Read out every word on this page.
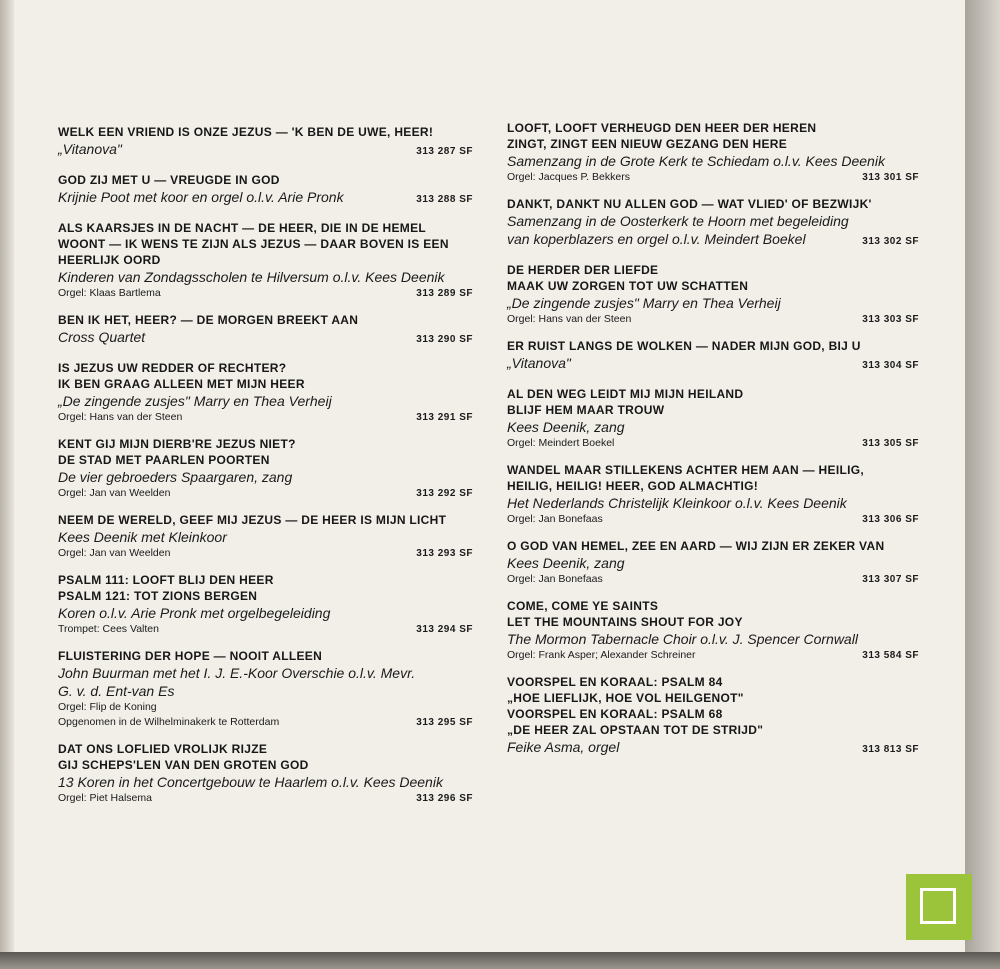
WELK EEN VRIEND IS ONZE JEZUS — 'K BEN DE UWE, HEER!
„Vitanova"	313 287 SF
GOD ZIJ MET U — VREUGDE IN GOD
Krijnie Poot met koor en orgel o.l.v. Arie Pronk	313 288 SF
ALS KAARSJES IN DE NACHT — DE HEER, DIE IN DE HEMEL
WOONT — IK WENS TE ZIJN ALS JEZUS — DAAR BOVEN IS EEN
HEERLIJK OORD
Kinderen van Zondagsscholen te Hilversum o.l.v. Kees Deenik
Orgel: Klaas Bartlema	313 289 SF
BEN IK HET, HEER? — DE MORGEN BREEKT AAN
Cross Quartet	313 290 SF
IS JEZUS UW REDDER OF RECHTER?
IK BEN GRAAG ALLEEN MET MIJN HEER
„De zingende zusjes" Marry en Thea Verheij
Orgel: Hans van der Steen	313 291 SF
KENT GIJ MIJN DIERB'RE JEZUS NIET?
DE STAD MET PAARLEN POORTEN
De vier gebroeders Spaargaren, zang
Orgel: Jan van Weelden	313 292 SF
NEEM DE WERELD, GEEF MIJ JEZUS — DE HEER IS MIJN LICHT
Kees Deenik met Kleinkoor
Orgel: Jan van Weelden	313 293 SF
PSALM 111: LOOFT BLIJ DEN HEER
PSALM 121: TOT ZIONS BERGEN
Koren o.l.v. Arie Pronk met orgelbegeleiding
Trompet: Cees Valten	313 294 SF
FLUISTERING DER HOPE — NOOIT ALLEEN
John Buurman met het I. J. E.-Koor Overschie o.l.v. Mevr.
G. v. d. Ent-van Es
Orgel: Flip de Koning
Opgenomen in de Wilhelminakerk te Rotterdam	313 295 SF
DAT ONS LOFLIED VROLIJK RIJZE
GIJ SCHEPS'LEN VAN DEN GROTEN GOD
13 Koren in het Concertgebouw te Haarlem o.l.v. Kees Deenik
Orgel: Piet Halsema	313 296 SF
LOOFT, LOOFT VERHEUGD DEN HEER DER HEREN
ZINGT, ZINGT EEN NIEUW GEZANG DEN HERE
Samenzang in de Grote Kerk te Schiedam o.l.v. Kees Deenik
Orgel: Jacques P. Bekkers	313 301 SF
DANKT, DANKT NU ALLEN GOD — WAT VLIED' OF BEZWIJK'
Samenzang in de Oosterkerk te Hoorn met begeleiding
van koperblazers en orgel o.l.v. Meindert Boekel	313 302 SF
DE HERDER DER LIEFDE
MAAK UW ZORGEN TOT UW SCHATTEN
„De zingende zusjes" Marry en Thea Verheij
Orgel: Hans van der Steen	313 303 SF
ER RUIST LANGS DE WOLKEN — NADER MIJN GOD, BIJ U
„Vitanova"	313 304 SF
AL DEN WEG LEIDT MIJ MIJN HEILAND
BLIJF HEM MAAR TROUW
Kees Deenik, zang
Orgel: Meindert Boekel	313 305 SF
WANDEL MAAR STILLEKENS ACHTER HEM AAN — HEILIG,
HEILIG, HEILIG! HEER, GOD ALMACHTIG!
Het Nederlands Christelijk Kleinkoor o.l.v. Kees Deenik
Orgel: Jan Bonefaas	313 306 SF
O GOD VAN HEMEL, ZEE EN AARD — WIJ ZIJN ER ZEKER VAN
Kees Deenik, zang
Orgel: Jan Bonefaas	313 307 SF
COME, COME YE SAINTS
LET THE MOUNTAINS SHOUT FOR JOY
The Mormon Tabernacle Choir o.l.v. J. Spencer Cornwall
Orgel: Frank Asper; Alexander Schreiner	313 584 SF
VOORSPEL EN KORAAL: PSALM 84
„HOE LIEFLIJK, HOE VOL HEILGENOT"
VOORSPEL EN KORAAL: PSALM 68
„DE HEER ZAL OPSTAAN TOT DE STRIJD"
Feike Asma, orgel	313 813 SF
